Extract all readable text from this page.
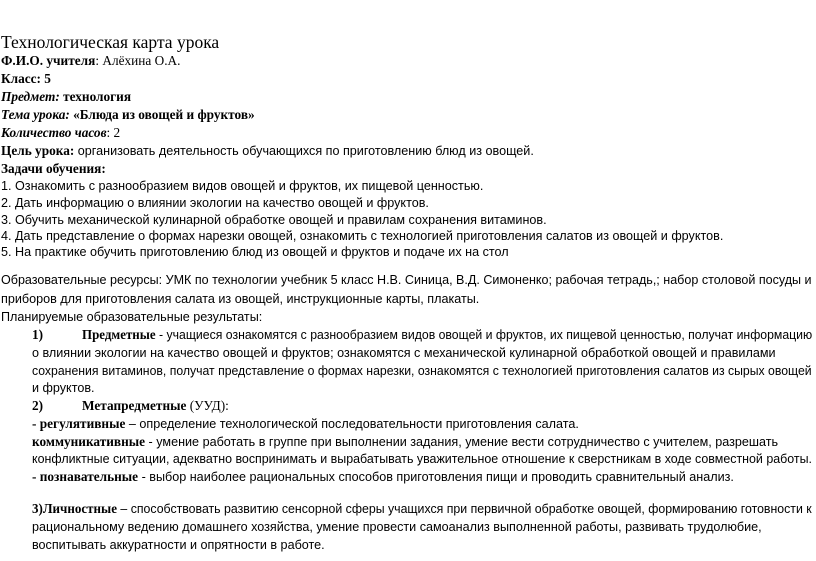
Технологическая карта урока
Ф.И.О. учителя: Алёхина О.А.
Класс: 5
Предмет: технология
Тема урока: «Блюда из овощей и фруктов»
Количество часов: 2
Цель урока: организовать деятельность обучающихся по приготовлению блюд из овощей.
Задачи обучения:
1. Ознакомить с разнообразием видов овощей и фруктов, их пищевой ценностью.
2. Дать информацию о влиянии экологии на качество овощей и фруктов.
3. Обучить механической кулинарной обработке овощей и правилам сохранения витаминов.
4. Дать представление о формах нарезки овощей, ознакомить с технологией приготовления салатов из овощей и фруктов.
5. На практике обучить приготовлению блюд из овощей и фруктов и подаче их на стол
Образовательные ресурсы: УМК по технологии учебник 5 класс Н.В. Синица, В.Д. Симоненко; рабочая тетрадь,; набор столовой посуды и
приборов для приготовления салата из овощей, инструкционные карты, плакаты.
Планируемые образовательные результаты:
1)	Предметные - учащиеся ознакомятся с разнообразием видов овощей и фруктов, их пищевой ценностью, получат информацию
о влиянии экологии на качество овощей и фруктов; ознакомятся с механической кулинарной обработкой овощей и правилами
сохранения витаминов, получат представление о формах нарезки, ознакомятся с технологией приготовления салатов из сырых овощей
и фруктов.
2)	Метапредметные (УУД):
- регулятивные – определение технологической последовательности приготовления салата.
коммуникативные - умение работать в группе при выполнении задания, умение вести сотрудничество с учителем, разрешать
конфликтные ситуации, адекватно воспринимать и вырабатывать уважительное отношение к сверстникам в ходе совместной работы.
- познавательные - выбор наиболее рациональных способов приготовления пищи и проводить сравнительный анализ.
3)Личностные – способствовать развитию сенсорной сферы учащихся при первичной обработке овощей, формированию готовности к
рациональному ведению домашнего хозяйства, умение провести самоанализ выполненной работы, развивать трудолюбие,
воспитывать аккуратности и опрятности в работе.
